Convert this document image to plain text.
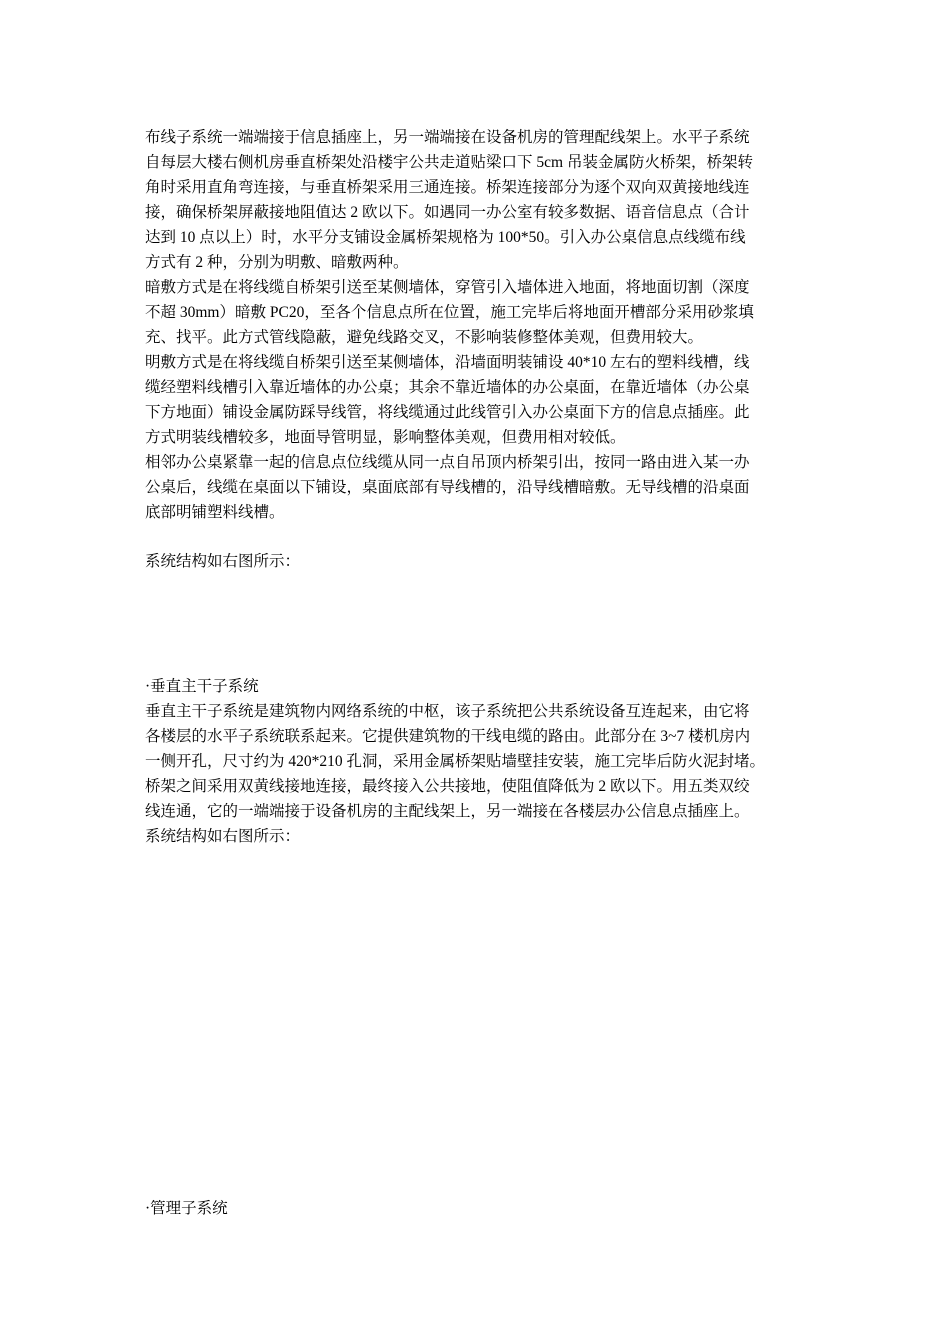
布线子系统一端端接于信息插座上，另一端端接在设备机房的管理配线架上。水平子系统
自每层大楼右侧机房垂直桥架处沿楼宇公共走道贴梁口下 5cm 吊装金属防火桥架，桥架转
角时采用直角弯连接，与垂直桥架采用三通连接。桥架连接部分为逐个双向双黄接地线连
接，确保桥架屏蔽接地阻值达 2 欧以下。如遇同一办公室有较多数据、语音信息点（合计
达到 10 点以上）时，水平分支铺设金属桥架规格为 100*50。引入办公桌信息点线缆布线
方式有 2 种，分别为明敷、暗敷两种。
暗敷方式是在将线缆自桥架引送至某侧墙体，穿管引入墙体进入地面，将地面切割（深度
不超 30mm）暗敷 PC20，至各个信息点所在位置，施工完毕后将地面开槽部分采用砂浆填
充、找平。此方式管线隐蔽，避免线路交叉，不影响装修整体美观，但费用较大。
明敷方式是在将线缆自桥架引送至某侧墙体，沿墙面明装铺设 40*10 左右的塑料线槽，线
缆经塑料线槽引入靠近墙体的办公桌；其余不靠近墙体的办公桌面，在靠近墙体（办公桌
下方地面）铺设金属防踩导线管，将线缆通过此线管引入办公桌面下方的信息点插座。此
方式明装线槽较多，地面导管明显，影响整体美观，但费用相对较低。
相邻办公桌紧靠一起的信息点位线缆从同一点自吊顶内桥架引出，按同一路由进入某一办
公桌后，线缆在桌面以下铺设，桌面底部有导线槽的，沿导线槽暗敷。无导线槽的沿桌面
底部明铺塑料线槽。
系统结构如右图所示：
·垂直主干子系统
垂直主干子系统是建筑物内网络系统的中枢，该子系统把公共系统设备互连起来，由它将
各楼层的水平子系统联系起来。它提供建筑物的干线电缆的路由。此部分在 3~7 楼机房内
一侧开孔，尺寸约为 420*210 孔洞，采用金属桥架贴墙壁挂安装，施工完毕后防火泥封堵。
桥架之间采用双黄线接地连接，最终接入公共接地，使阻值降低为 2 欧以下。用五类双绞
线连通，它的一端端接于设备机房的主配线架上，另一端接在各楼层办公信息点插座上。
系统结构如右图所示：
·管理子系统
